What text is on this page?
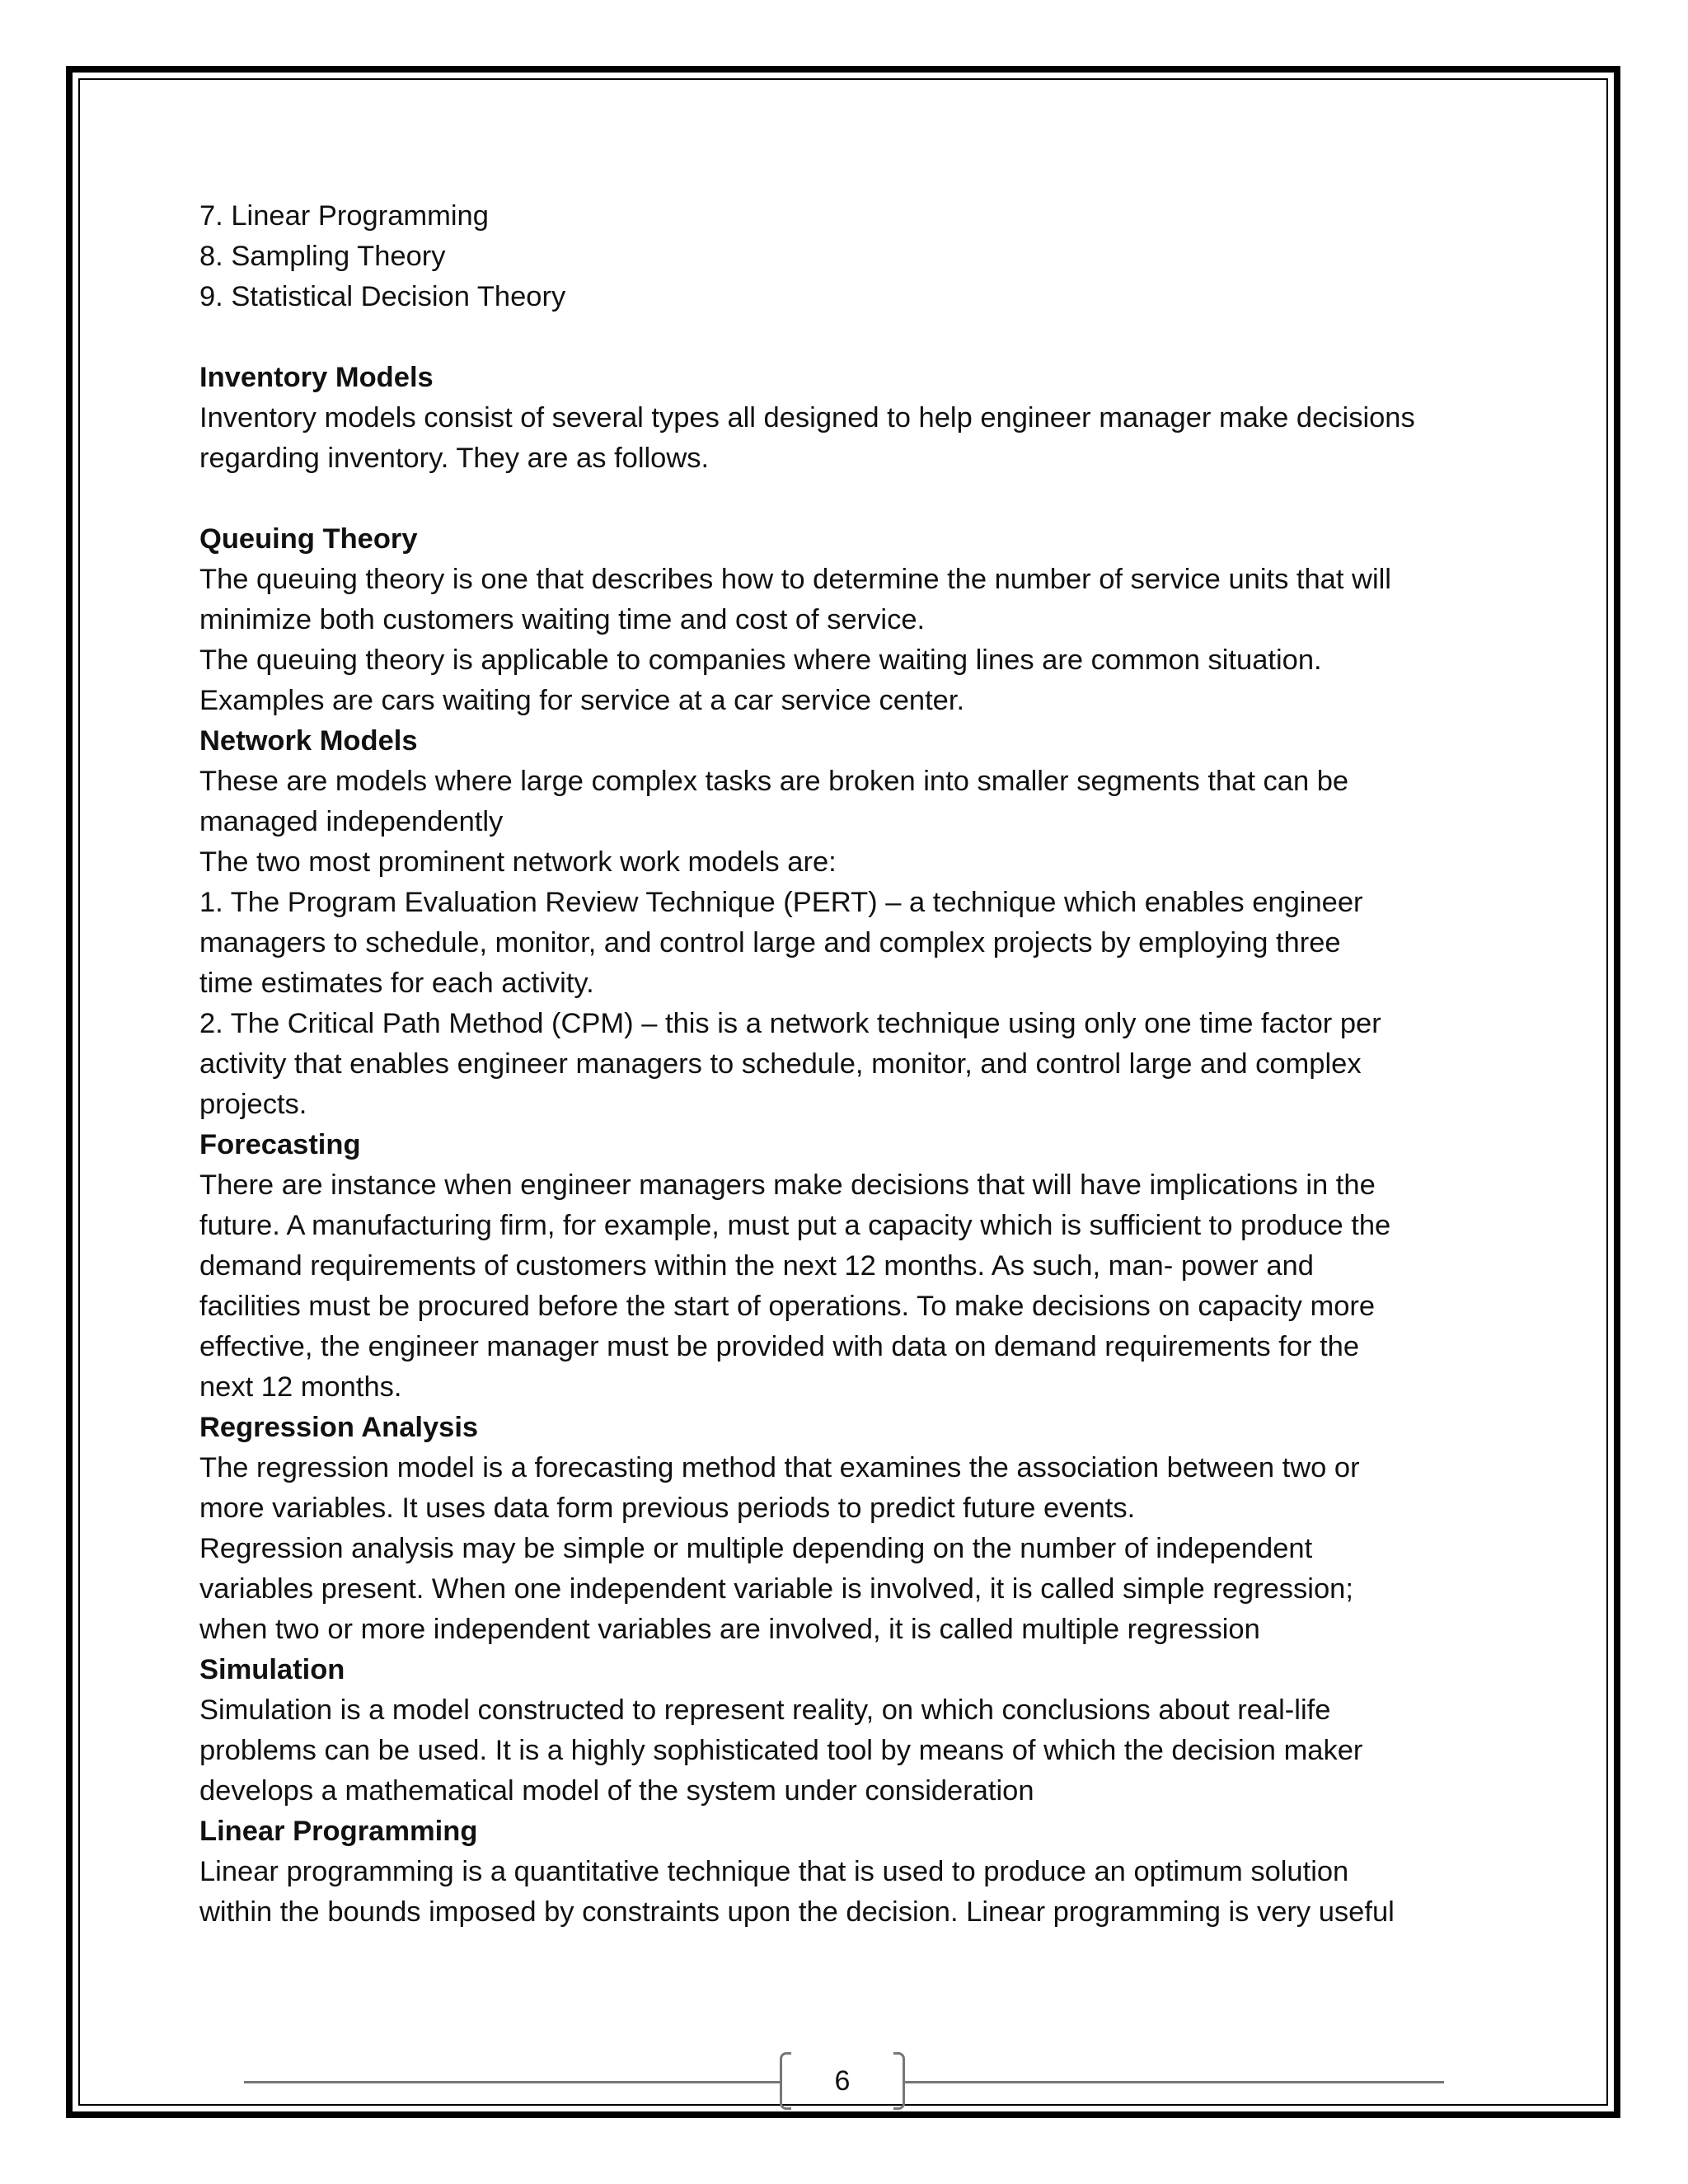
7. Linear Programming
8. Sampling Theory
9. Statistical Decision Theory
Inventory Models
Inventory models consist of several types all designed to help engineer manager make decisions
regarding inventory. They are as follows.
Queuing Theory
The queuing theory is one that describes how to determine the number of service units that will
minimize both customers waiting time and cost of service.
The queuing theory is applicable to companies where waiting lines are common situation.
Examples are cars waiting for service at a car service center.
Network Models
These are models where large complex tasks are broken into smaller segments that can be
managed independently
The two most prominent network work models are:
1. The Program Evaluation Review Technique (PERT) – a technique which enables engineer
managers to schedule, monitor, and control large and complex projects by employing three
time estimates for each activity.
2. The Critical Path Method (CPM) – this is a network technique using only one time factor per
activity that enables engineer managers to schedule, monitor, and control large and complex
projects.
Forecasting
There are instance when engineer managers make decisions that will have implications in the
future. A manufacturing firm, for example, must put a capacity which is sufficient to produce the
demand requirements of customers within the next 12 months. As such, man- power and
facilities must be procured before the start of operations. To make decisions on capacity more
effective, the engineer manager must be provided with data on demand requirements for the
next 12 months.
Regression Analysis
The regression model is a forecasting method that examines the association between two or
more variables. It uses data form previous periods to predict future events.
Regression analysis may be simple or multiple depending on the number of independent
variables present. When one independent variable is involved, it is called simple regression;
when two or more independent variables are involved, it is called multiple regression
Simulation
Simulation is a model constructed to represent reality, on which conclusions about real-life
problems can be used. It is a highly sophisticated tool by means of which the decision maker
develops a mathematical model of the system under consideration
Linear Programming
Linear programming is a quantitative technique that is used to produce an optimum solution
within the bounds imposed by constraints upon the decision. Linear programming is very useful
6
